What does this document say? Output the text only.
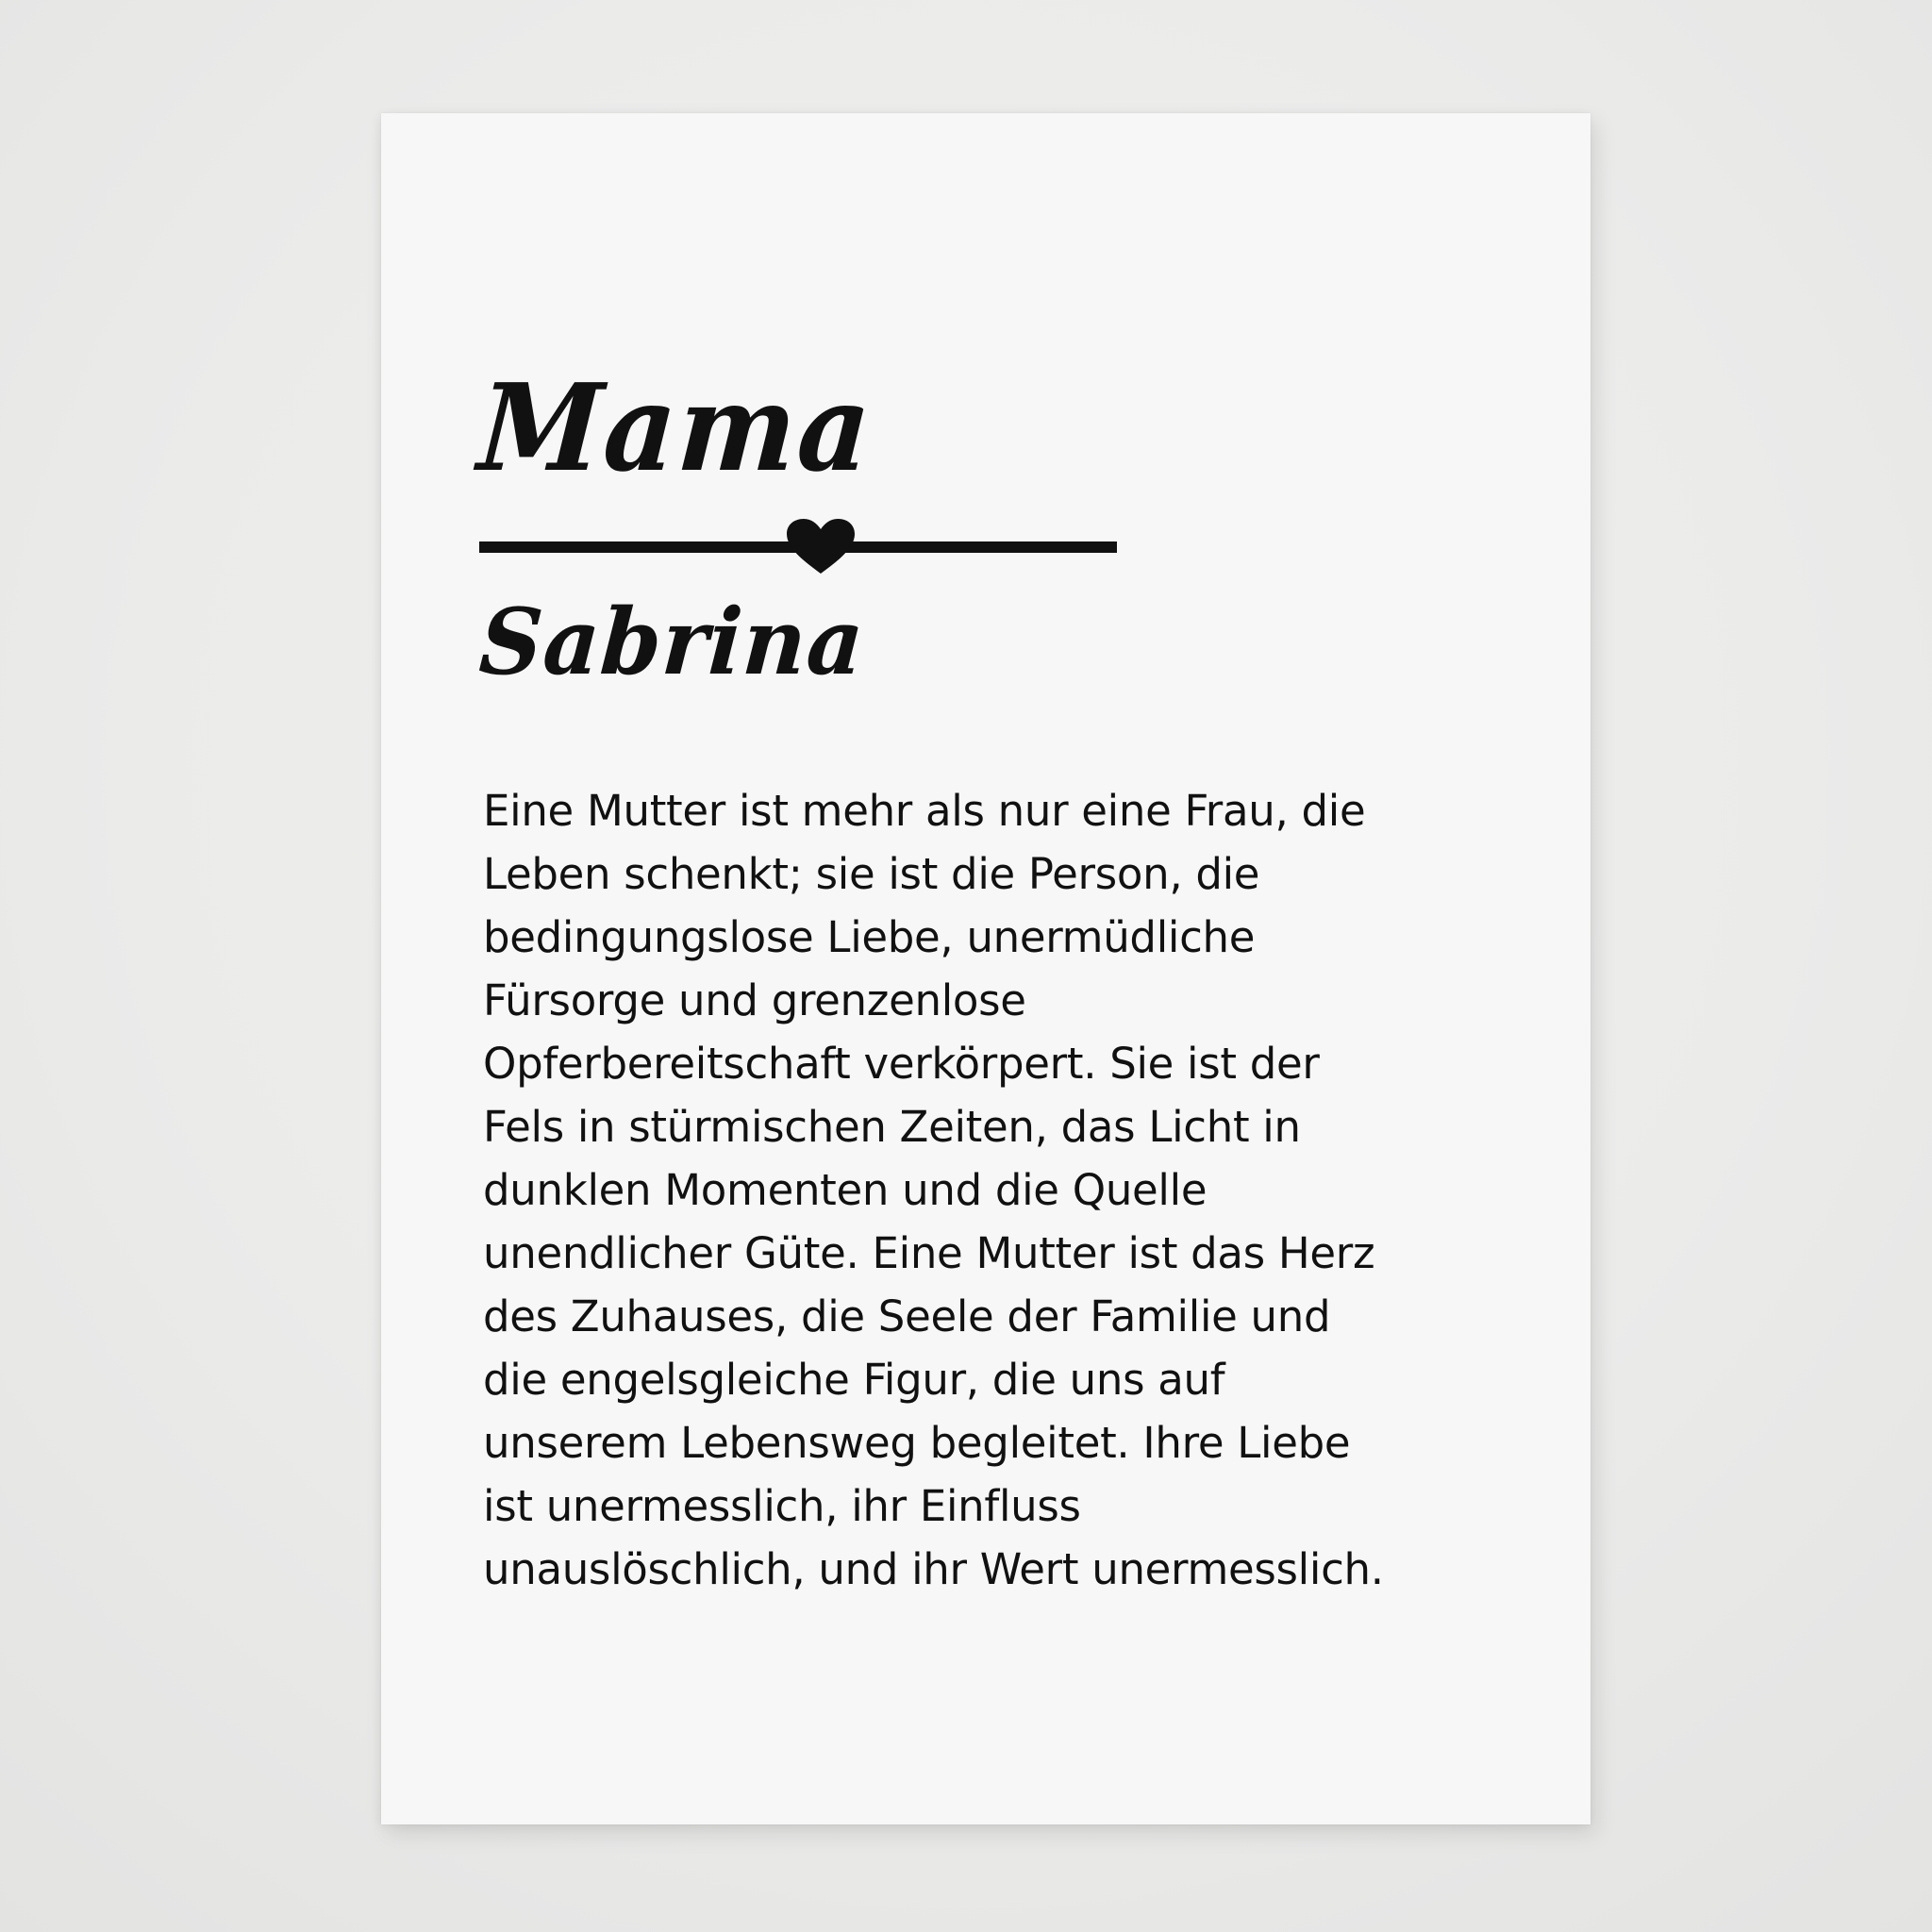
Mama
Sabrina

Eine Mutter ist mehr als nur eine Frau, die
Leben schenkt; sie ist die Person, die
bedingungslose Liebe, unermüdliche
Fürsorge und grenzenlose
Opferbereitschaft verkörpert. Sie ist der
Fels in stürmischen Zeiten, das Licht in
dunklen Momenten und die Quelle
unendlicher Güte. Eine Mutter ist das Herz
des Zuhauses, die Seele der Familie und
die engelsgleiche Figur, die uns auf
unserem Lebensweg begleitet. Ihre Liebe
ist unermesslich, ihr Einfluss
unauslöschlich, und ihr Wert unermesslich.
